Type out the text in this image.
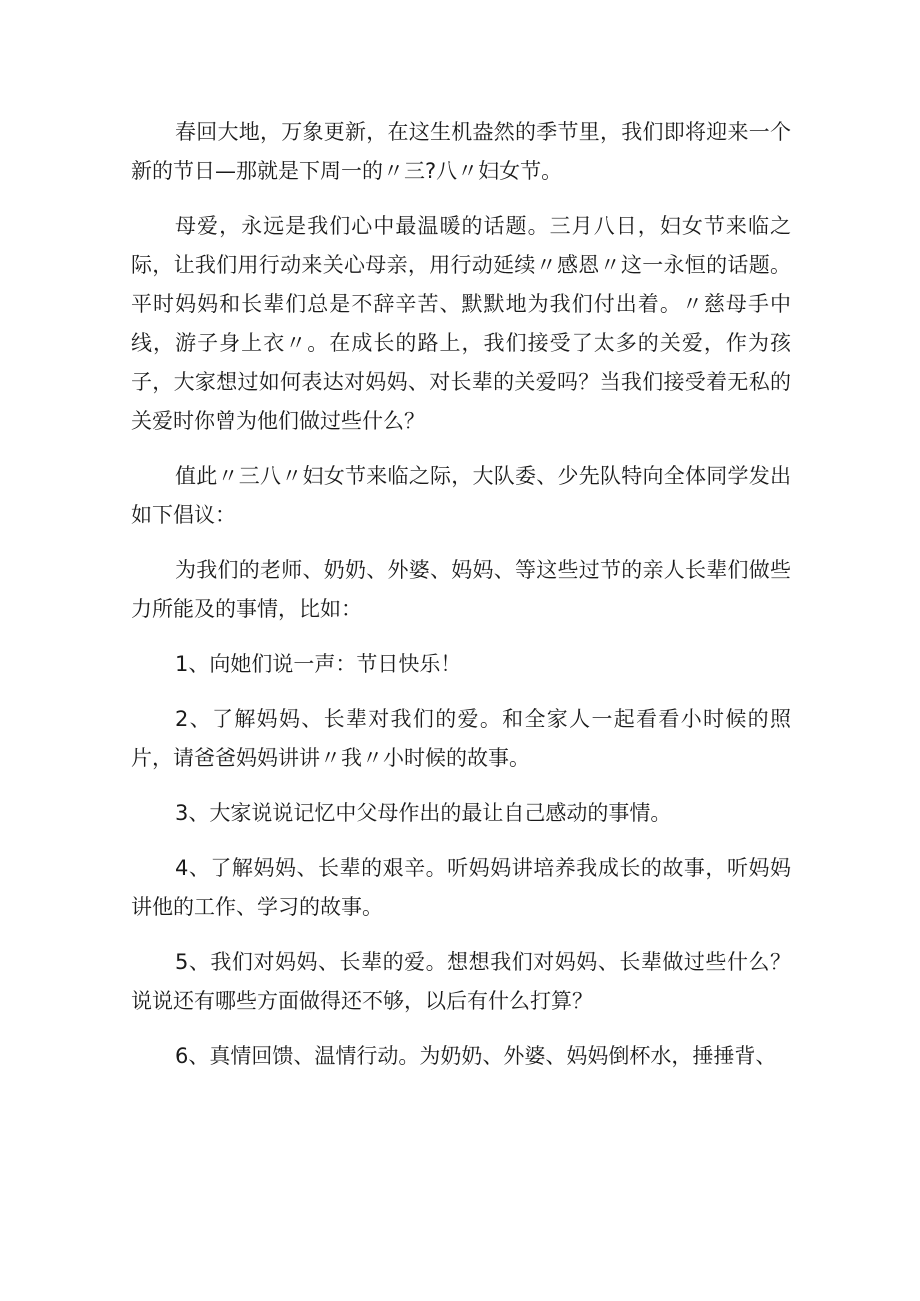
春回大地，万象更新，在这生机盎然的季节里，我们即将迎来一个新的节日—那就是下周一的〃三?八〃妇女节。

母爱，永远是我们心中最温暖的话题。三月八日，妇女节来临之际，让我们用行动来关心母亲，用行动延续〃感恩〃这一永恒的话题。平时妈妈和长辈们总是不辞辛苦、默默地为我们付出着。〃慈母手中线，游子身上衣〃。在成长的路上，我们接受了太多的关爱，作为孩子，大家想过如何表达对妈妈、对长辈的关爱吗？当我们接受着无私的关爱时你曾为他们做过些什么？

值此〃三八〃妇女节来临之际，大队委、少先队特向全体同学发出如下倡议：

为我们的老师、奶奶、外婆、妈妈、等这些过节的亲人长辈们做些力所能及的事情，比如：

1、向她们说一声：节日快乐！

2、了解妈妈、长辈对我们的爱。和全家人一起看看小时候的照片，请爸爸妈妈讲讲〃我〃小时候的故事。

3、大家说说记忆中父母作出的最让自己感动的事情。

4、了解妈妈、长辈的艰辛。听妈妈讲培养我成长的故事，听妈妈讲他的工作、学习的故事。

5、我们对妈妈、长辈的爱。想想我们对妈妈、长辈做过些什么？说说还有哪些方面做得还不够，以后有什么打算？

6、真情回馈、温情行动。为奶奶、外婆、妈妈倒杯水，捶捶背、
